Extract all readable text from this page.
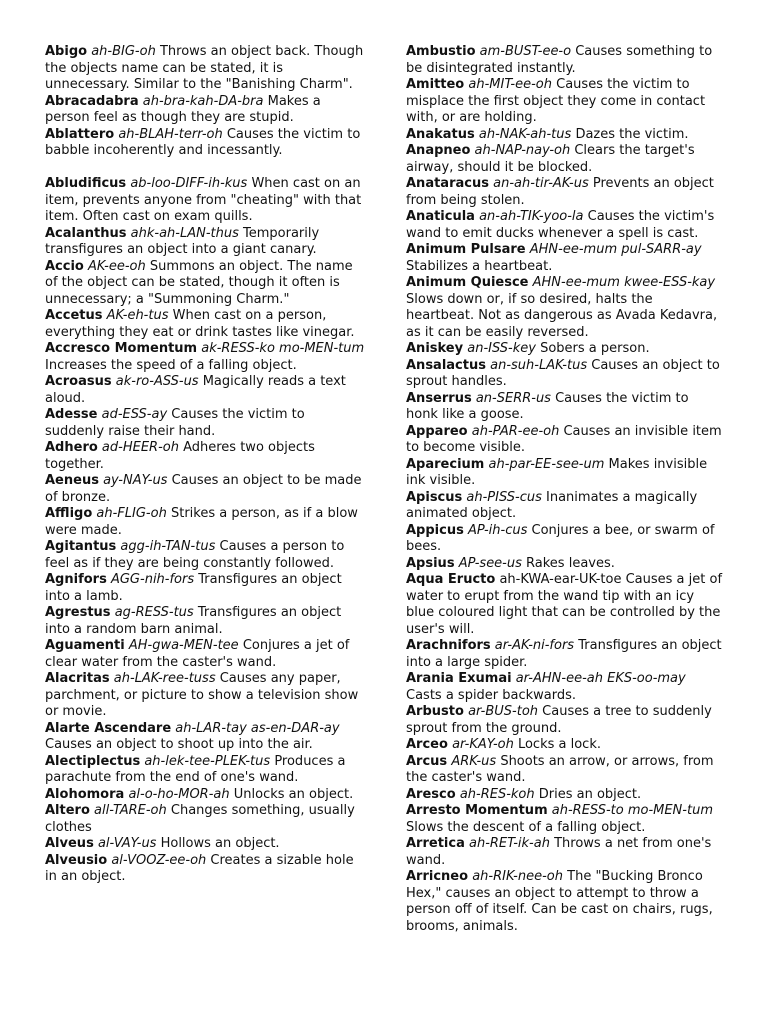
Abigo ah-BIG-oh Throws an object back. Though the objects name can be stated, it is unnecessary. Similar to the "Banishing Charm".

Abracadabra ah-bra-kah-DA-bra Makes a person feel as though they are stupid.

Ablattero ah-BLAH-terr-oh Causes the victim to babble incoherently and incessantly.

Abludificus ab-loo-DIFF-ih-kus When cast on an item, prevents anyone from "cheating" with that item. Often cast on exam quills.

Acalanthus ahk-ah-LAN-thus Temporarily transfigures an object into a giant canary.

Accio AK-ee-oh Summons an object. The name of the object can be stated, though it often is unnecessary; a "Summoning Charm."

Accetus AK-eh-tus When cast on a person, everything they eat or drink tastes like vinegar.

Accresco Momentum ak-RESS-ko mo-MEN-tum Increases the speed of a falling object.

Acroasus ak-ro-ASS-us Magically reads a text aloud.

Adesse ad-ESS-ay Causes the victim to suddenly raise their hand.

Adhero ad-HEER-oh Adheres two objects together.

Aeneus ay-NAY-us Causes an object to be made of bronze.

Affligo ah-FLIG-oh Strikes a person, as if a blow were made.

Agitantus agg-ih-TAN-tus Causes a person to feel as if they are being constantly followed.

Agnifors AGG-nih-fors Transfigures an object into a lamb.

Agrestus ag-RESS-tus Transfigures an object into a random barn animal.

Aguamenti AH-gwa-MEN-tee Conjures a jet of clear water from the caster's wand.

Alacritas ah-LAK-ree-tuss Causes any paper, parchment, or picture to show a television show or movie.

Alarte Ascendare ah-LAR-tay as-en-DAR-ay Causes an object to shoot up into the air.

Alectiplectus ah-lek-tee-PLEK-tus Produces a parachute from the end of one's wand.

Alohomora al-o-ho-MOR-ah Unlocks an object.

Altero all-TARE-oh Changes something, usually clothes

Alveus al-VAY-us Hollows an object.

Alveusio al-VOOZ-ee-oh Creates a sizable hole in an object.

Ambustio am-BUST-ee-o Causes something to be disintegrated instantly.

Amitteo ah-MIT-ee-oh Causes the victim to misplace the first object they come in contact with, or are holding.

Anakatus ah-NAK-ah-tus Dazes the victim.

Anapneo ah-NAP-nay-oh Clears the target's airway, should it be blocked.

Anataracus an-ah-tir-AK-us Prevents an object from being stolen.

Anaticula an-ah-TIK-yoo-la Causes the victim's wand to emit ducks whenever a spell is cast.

Animum Pulsare AHN-ee-mum pul-SARR-ay Stabilizes a heartbeat.

Animum Quiesce AHN-ee-mum kwee-ESS-kay Slows down or, if so desired, halts the heartbeat. Not as dangerous as Avada Kedavra, as it can be easily reversed.

Aniskey an-ISS-key Sobers a person.

Ansalactus an-suh-LAK-tus Causes an object to sprout handles.

Anserrus an-SERR-us Causes the victim to honk like a goose.

Appareo ah-PAR-ee-oh Causes an invisible item to become visible.

Aparecium ah-par-EE-see-um Makes invisible ink visible.

Apiscus ah-PISS-cus Inanimates a magically animated object.

Appicus AP-ih-cus Conjures a bee, or swarm of bees.

Apsius AP-see-us Rakes leaves.

Aqua Eructo ah-KWA-ear-UK-toe Causes a jet of water to erupt from the wand tip with an icy blue coloured light that can be controlled by the user's will.

Arachnifors ar-AK-ni-fors Transfigures an object into a large spider.

Arania Exumai ar-AHN-ee-ah EKS-oo-may Casts a spider backwards.

Arbusto ar-BUS-toh Causes a tree to suddenly sprout from the ground.

Arceo ar-KAY-oh Locks a lock.

Arcus ARK-us Shoots an arrow, or arrows, from the caster's wand.

Aresco ah-RES-koh Dries an object.

Arresto Momentum ah-RESS-to mo-MEN-tum Slows the descent of a falling object.

Arretica ah-RET-ik-ah Throws a net from one's wand.

Arricneo ah-RIK-nee-oh The "Bucking Bronco Hex," causes an object to attempt to throw a person off of itself. Can be cast on chairs, rugs, brooms, animals.
